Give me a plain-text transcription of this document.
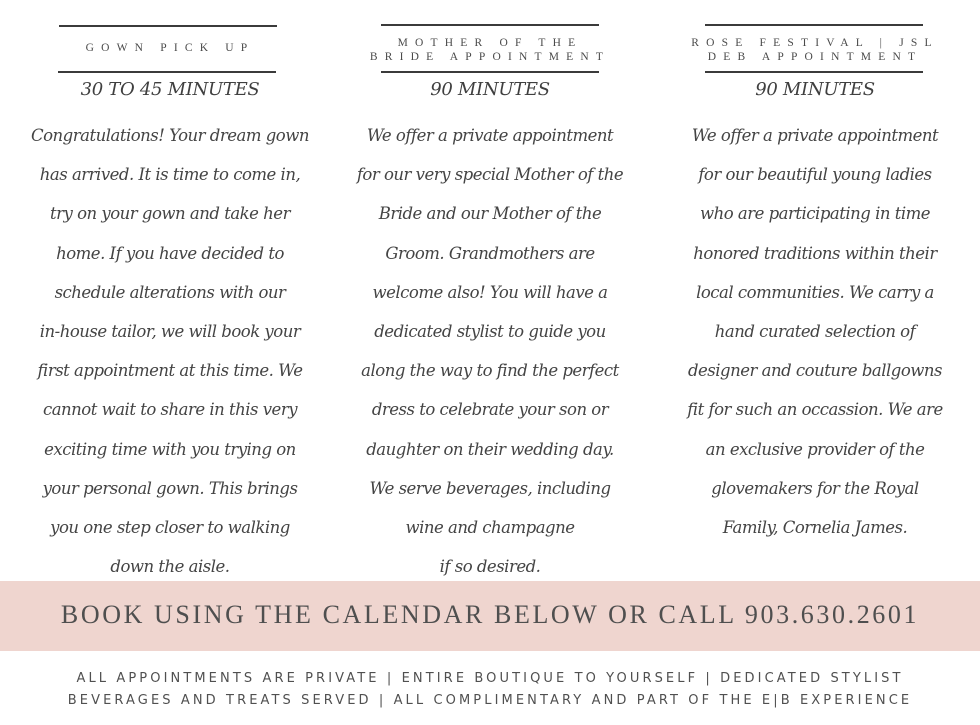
GOWN PICK UP
30 TO 45 MINUTES
Congratulations! Your dream gown
has arrived. It is time to come in,
try on your gown and take her
home. If you have decided to
schedule alterations with our
in-house tailor, we will book your
first appointment at this time. We
cannot wait to share in this very
exciting time with you trying on
your personal gown. This brings
you one step closer to walking
down the aisle.
MOTHER OF THE
BRIDE APPOINTMENT
90 MINUTES
We offer a private appointment
for our very special Mother of the
Bride and our Mother of the
Groom. Grandmothers are
welcome also! You will have a
dedicated stylist to guide you
along the way to find the perfect
dress to celebrate your son or
daughter on their wedding day.
We serve beverages, including
wine and champagne
if so desired.
ROSE FESTIVAL | JSL
DEB APPOINTMENT
90 MINUTES
We offer a private appointment
for our beautiful young ladies
who are participating in time
honored traditions within their
local communities. We carry a
hand curated selection of
designer and couture ballgowns
fit for such an occassion. We are
an exclusive provider of the
glovemakers for the Royal
Family, Cornelia James.
BOOK USING THE CALENDAR BELOW OR CALL 903.630.2601
ALL APPOINTMENTS ARE PRIVATE | ENTIRE BOUTIQUE TO YOURSELF | DEDICATED STYLIST
BEVERAGES AND TREATS SERVED | ALL COMPLIMENTARY AND PART OF THE E|B EXPERIENCE
